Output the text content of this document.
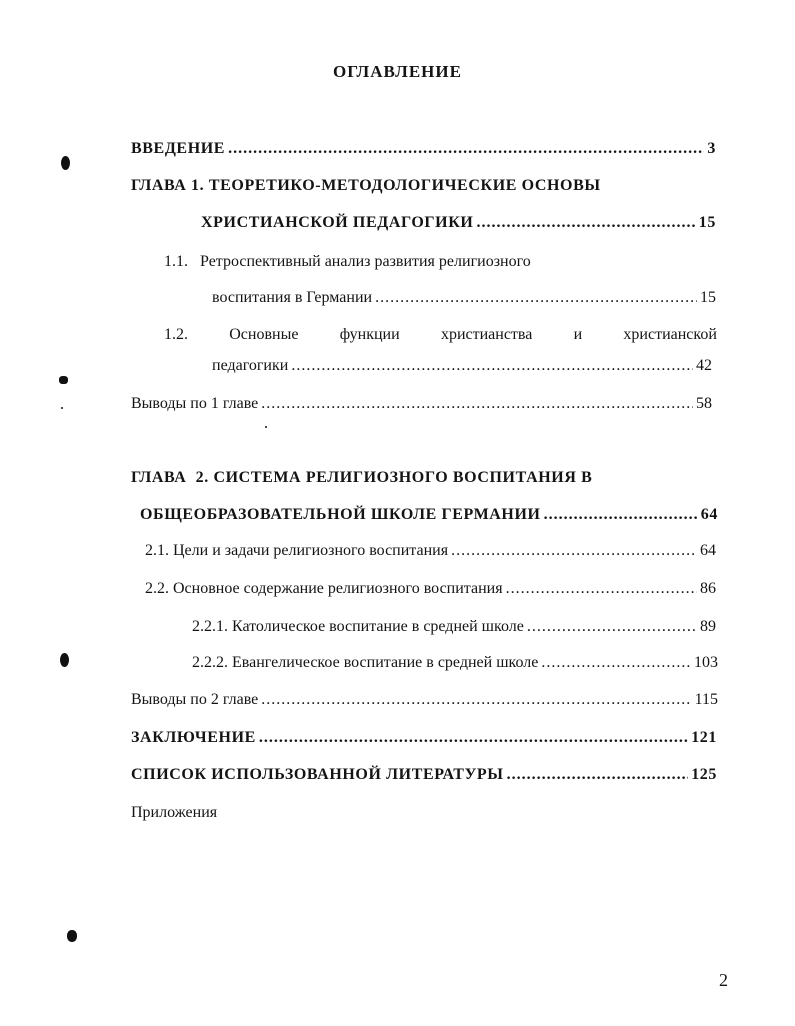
ОГЛАВЛЕНИЕ
ВВЕДЕНИЕ .....	3
ГЛАВА 1. ТЕОРЕТИКО-МЕТОДОЛОГИЧЕСКИЕ ОСНОВЫ
ХРИСТИАНСКОЙ ПЕДАГОГИКИ .....	15
1.1.   Ретроспективный анализ развития религиозного
воспитания в Германии .....	15
1.2.	Основные	функции	христианства	и	христианской
педагогики .....	42
Выводы по 1 главе .....	58
ГЛАВА  2. СИСТЕМА РЕЛИГИОЗНОГО ВОСПИТАНИЯ В
ОБЩЕОБРАЗОВАТЕЛЬНОЙ ШКОЛЕ ГЕРМАНИИ .....	64
2.1. Цели и задачи религиозного воспитания .....	64
2.2. Основное содержание религиозного воспитания .....	86
2.2.1. Католическое воспитание в средней школе .....	89
2.2.2. Евангелическое воспитание в средней школе .....	103
Выводы по 2 главе .....	115
ЗАКЛЮЧЕНИЕ .....	121
СПИСОК ИСПОЛЬЗОВАННОЙ ЛИТЕРАТУРЫ .....	125
Приложения
2
